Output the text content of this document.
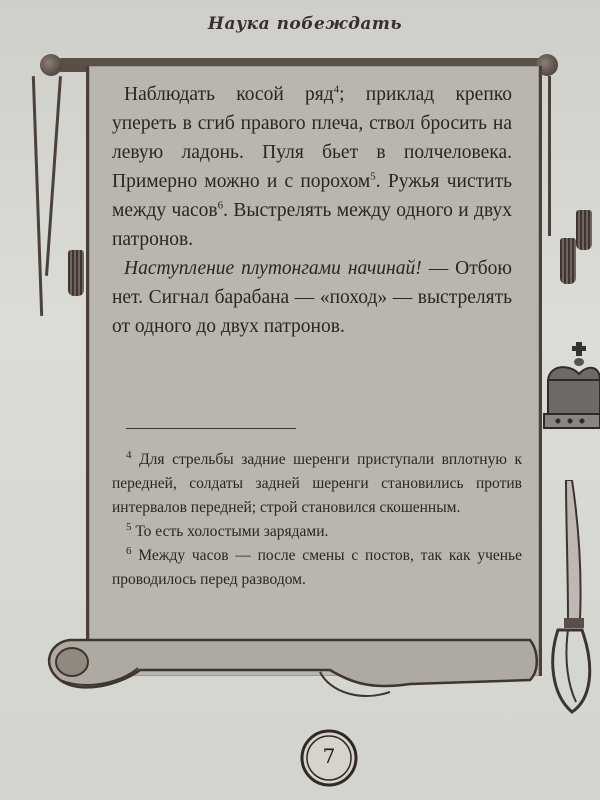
Наука побеждать

Наблюдать косой ряд$^4$; приклад крепко упереть в сгиб правого плеча, ствол бросить на левую ладонь. Пуля бьет в полчеловека. Примерно можно и с порохом$^5$. Ружья чистить между часов$^6$. Выстрелять между одного и двух патронов.

Наступление плутонгами начинай! — Отбою нет. Сигнал барабана — «поход» — выстрелять от одного до двух патронов.

$^4$ Для стрельбы задние шеренги приступали вплотную к передней, солдаты задней шеренги становились против интервалов передней; строй становился скошенным.

$^5$ То есть холостыми зарядами.

$^6$ Между часов — после смены с постов, так как ученье проводилось перед разводом.

7
